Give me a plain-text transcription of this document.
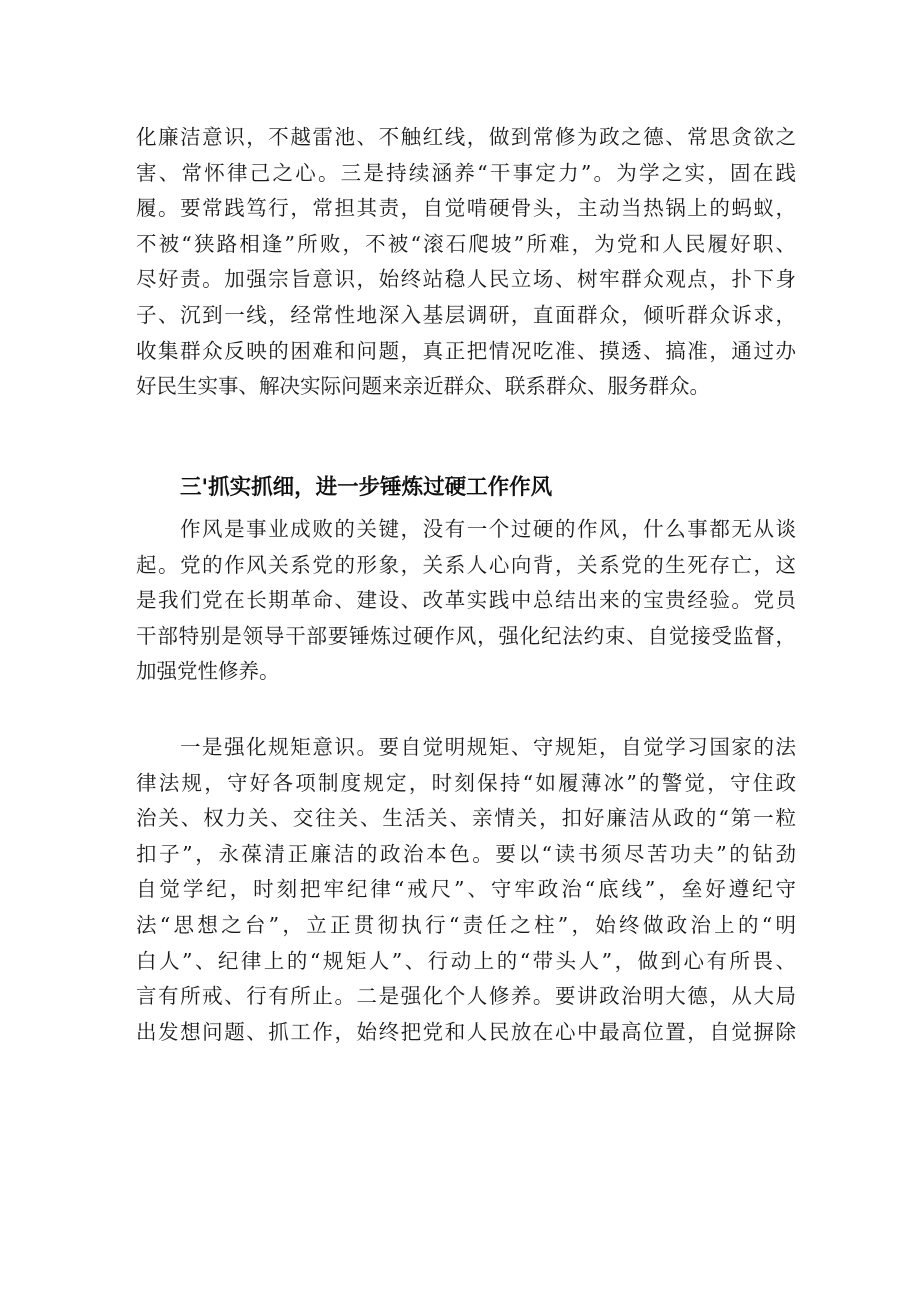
化廉洁意识，不越雷池、不触红线，做到常修为政之德、常思贪欲之
害、常怀律己之心。三是持续涵养“干事定力”。为学之实，固在践
履。要常践笃行，常担其责，自觉啃硬骨头，主动当热锅上的蚂蚁，
不被“狭路相逢”所败，不被“滚石爬坡”所难，为党和人民履好职、
尽好责。加强宗旨意识，始终站稳人民立场、树牢群众观点，扑下身
子、沉到一线，经常性地深入基层调研，直面群众，倾听群众诉求，
收集群众反映的困难和问题，真正把情况吃准、摸透、搞准，通过办
好民生实事、解决实际问题来亲近群众、联系群众、服务群众。
三'抓实抓细，进一步锤炼过硬工作作风
作风是事业成败的关键，没有一个过硬的作风，什么事都无从谈
起。党的作风关系党的形象，关系人心向背，关系党的生死存亡，这
是我们党在长期革命、建设、改革实践中总结出来的宝贵经验。党员
干部特别是领导干部要锤炼过硬作风，强化纪法约束、自觉接受监督，
加强党性修养。
一是强化规矩意识。要自觉明规矩、守规矩，自觉学习国家的法
律法规，守好各项制度规定，时刻保持“如履薄冰”的警觉，守住政
治关、权力关、交往关、生活关、亲情关，扣好廉洁从政的“第一粒
扣子”，永葆清正廉洁的政治本色。要以“读书须尽苦功夫”的钻劲
自觉学纪，时刻把牢纪律“戒尺”、守牢政治“底线”，垒好遵纪守
法“思想之台”，立正贯彻执行“责任之柱”，始终做政治上的“明
白人”、纪律上的“规矩人”、行动上的“带头人”，做到心有所畏、
言有所戒、行有所止。二是强化个人修养。要讲政治明大德，从大局
出发想问题、抓工作，始终把党和人民放在心中最高位置，自觉摒除
